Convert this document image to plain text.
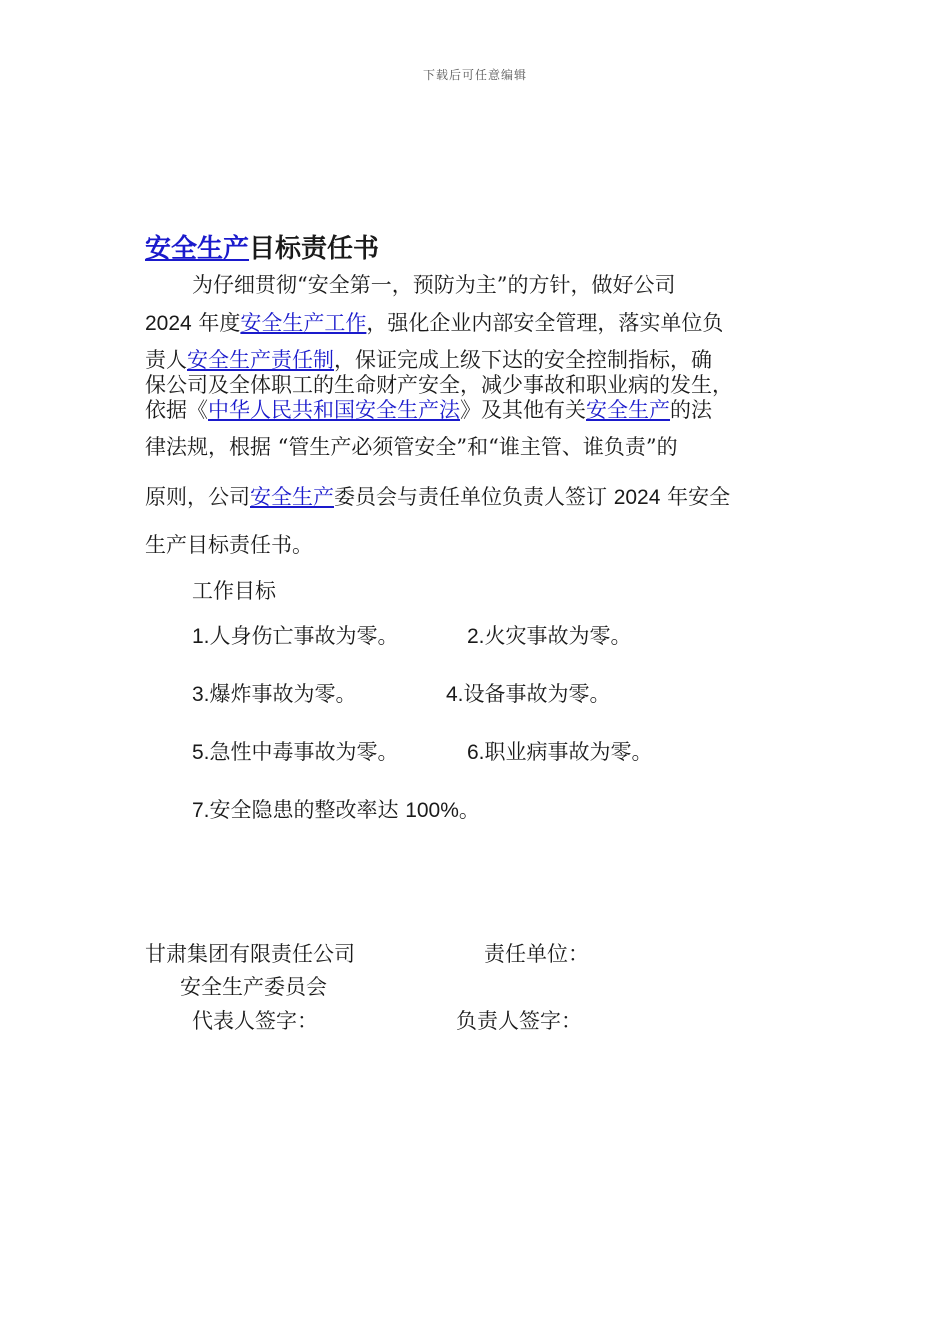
下载后可任意编辑
安全生产目标责任书
为仔细贯彻“安全第一，预防为主”的方针，做好公司
2024 年度安全生产工作，强化企业内部安全管理，落实单位负
责人安全生产责任制，保证完成上级下达的安全控制指标，确
保公司及全体职工的生命财产安全，减少事故和职业病的发生，
依据《中华人民共和国安全生产法》及其他有关安全生产的法
律法规，根据 “管生产必须管安全”和“谁主管、谁负责”的
原则，公司安全生产委员会与责任单位负责人签订 2024 年安全
生产目标责任书。
工作目标
1.人身伤亡事故为零。	2.火灾事故为零。
3.爆炸事故为零。	4.设备事故为零。
5.急性中毒事故为零。	6.职业病事故为零。
7.安全隐患的整改率达 100%。
甘肃集团有限责任公司	责任单位：
安全生产委员会
代表人签字：	负责人签字：
